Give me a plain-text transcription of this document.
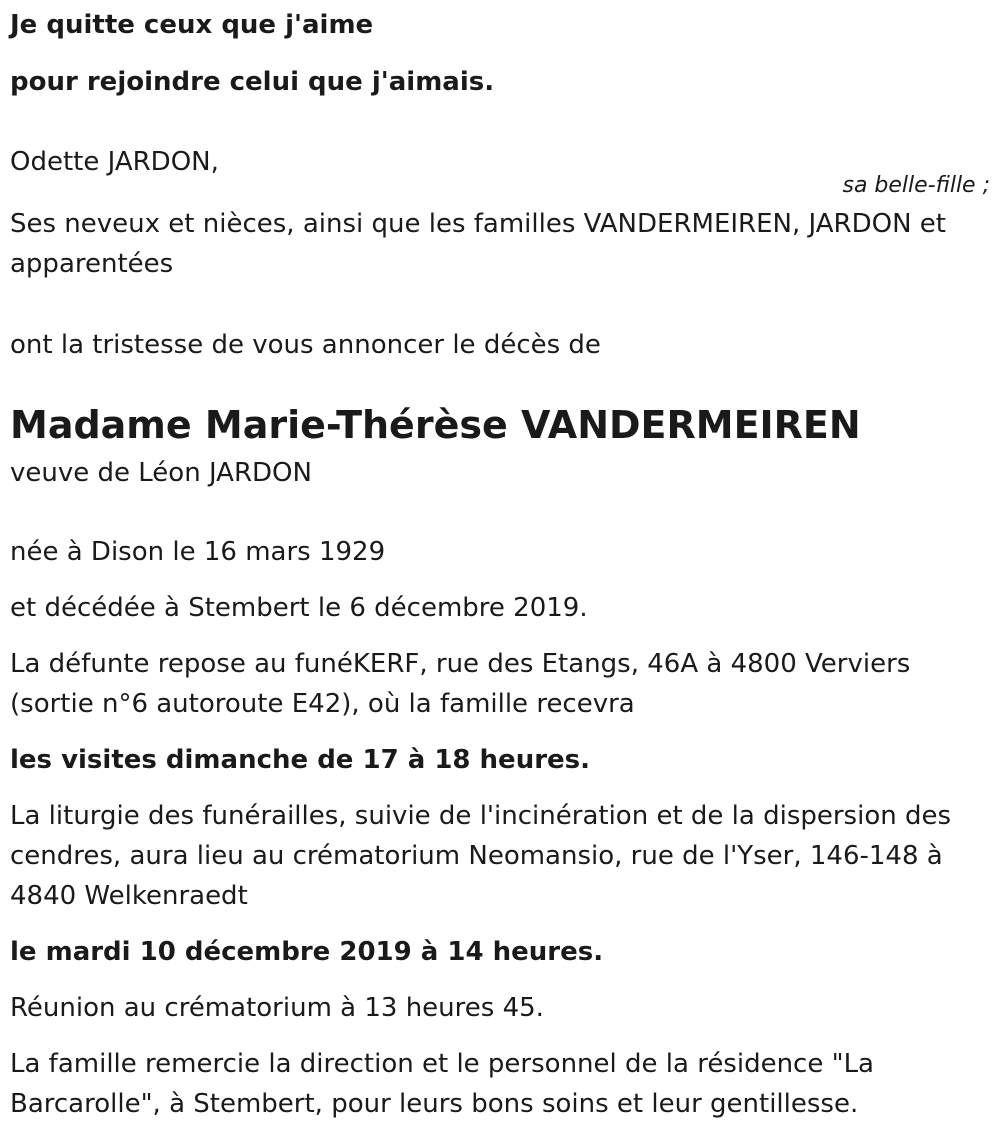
Je quitte ceux que j'aime
pour rejoindre celui que j'aimais.
Odette JARDON,
sa belle-fille ;
Ses neveux et nièces, ainsi que les familles VANDERMEIREN, JARDON et apparentées
ont la tristesse de vous annoncer le décès de
Madame Marie-Thérèse VANDERMEIREN
veuve de Léon JARDON
née à Dison le 16 mars 1929
et décédée à Stembert le 6 décembre 2019.
La défunte repose au funéKERF, rue des Etangs, 46A à 4800 Verviers (sortie n°6 autoroute E42), où la famille recevra
les visites dimanche de 17 à 18 heures.
La liturgie des funérailles, suivie de l'incinération et de la dispersion des cendres, aura lieu au crématorium Neomansio, rue de l'Yser, 146-148 à 4840 Welkenraedt
le mardi 10 décembre 2019 à 14 heures.
Réunion au crématorium à 13 heures 45.
La famille remercie la direction et le personnel de la résidence "La Barcarolle", à Stembert, pour leurs bons soins et leur gentillesse.
